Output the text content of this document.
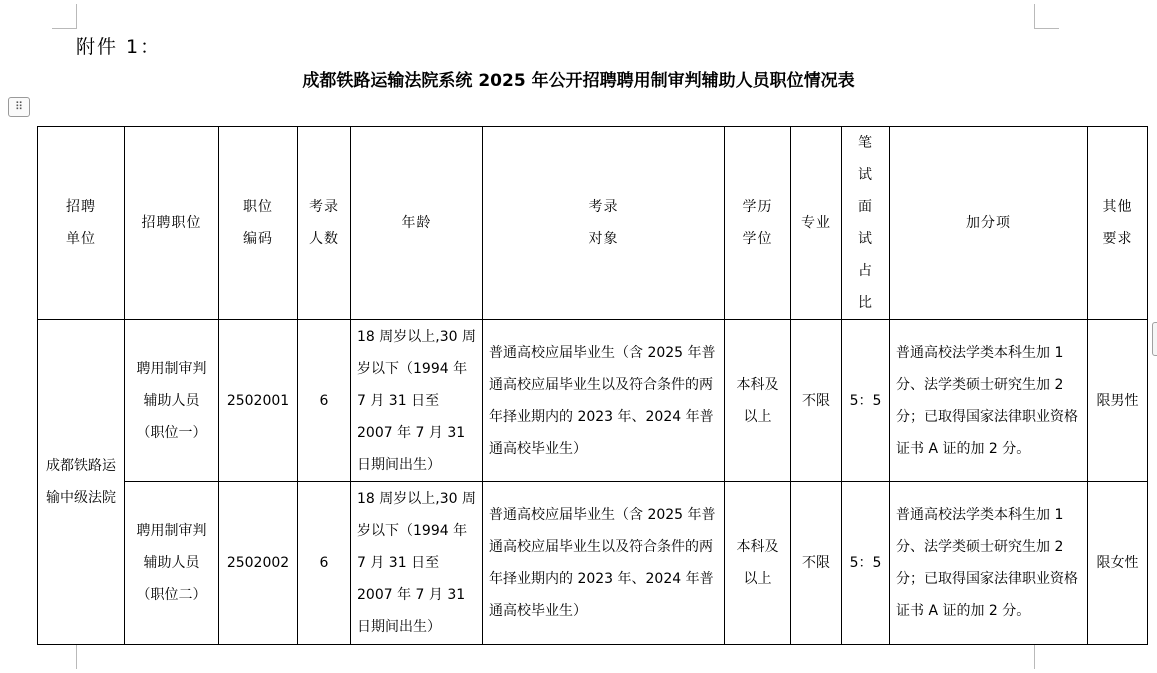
附件 1：
成都铁路运输法院系统 2025 年公开招聘聘用制审判辅助人员职位情况表
⠿
招聘单位	招聘职位	职位编码	考录人数	年龄	考录对象	学历学位	专业	笔试面试占比	加分项	其他要求
成都铁路运输中级法院	聘用制审判辅助人员（职位一）	2502001	6	18 周岁以上,30 周岁以下（1994 年 7 月 31 日至 2007 年 7 月 31 日期间出生）	普通高校应届毕业生（含 2025 年普通高校应届毕业生以及符合条件的两年择业期内的 2023 年、2024 年普通高校毕业生）	本科及以上	不限	5：5	普通高校法学类本科生加 1 分、法学类硕士研究生加 2 分；已取得国家法律职业资格证书 A 证的加 2 分。	限男性
	聘用制审判辅助人员（职位二）	2502002	6	18 周岁以上,30 周岁以下（1994 年 7 月 31 日至 2007 年 7 月 31 日期间出生）	普通高校应届毕业生（含 2025 年普通高校应届毕业生以及符合条件的两年择业期内的 2023 年、2024 年普通高校毕业生）	本科及以上	不限	5：5	普通高校法学类本科生加 1 分、法学类硕士研究生加 2 分；已取得国家法律职业资格证书 A 证的加 2 分。	限女性
